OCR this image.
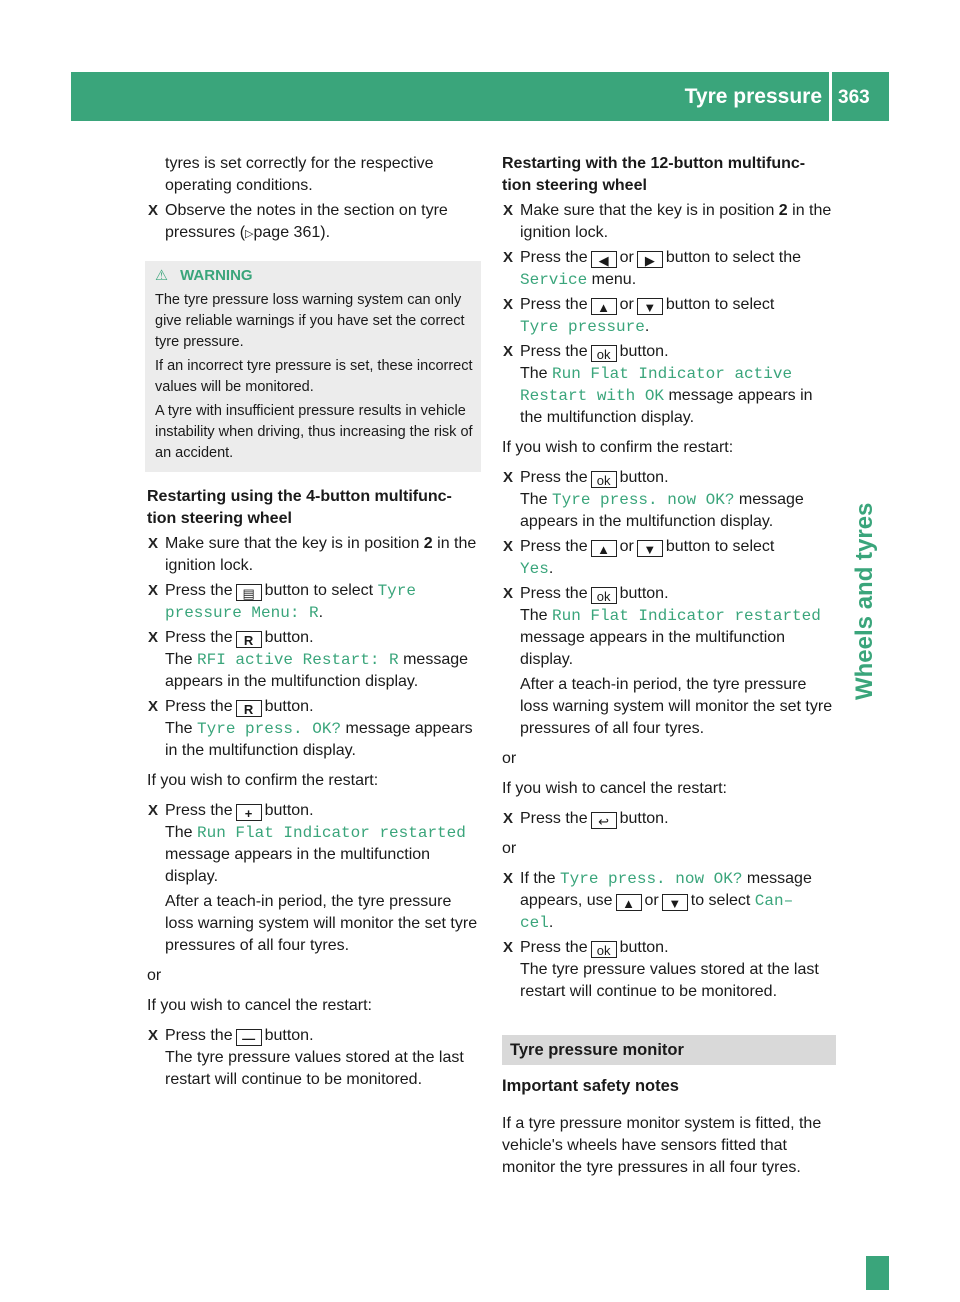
Tyre pressure 363
Wheels and tyres

tyres is set correctly for the respective
operating conditions.

X Observe the notes in the section on tyre
pressures (▷page 361).
⚠ WARNING

The tyre pressure loss warning system can only give reliable warnings if you have set the correct tyre pressure.

If an incorrect tyre pressure is set, these incorrect values will be monitored.

A tyre with insufficient pressure results in vehicle instability when driving, thus increasing the risk of an accident.

Restarting using the 4-button multifunc-
tion steering wheel

X Make sure that the key is in position 2 in the ignition lock.
X Press the ▤ button to select Tyre
pressure Menu: R.
X Press the R button.
The RFI active Restart: R message appears in the multifunction display.
X Press the R button.
The Tyre press. OK? message appears in the multifunction display.

If you wish to confirm the restart:

X Press the + button.
The Run Flat Indicator restarted message appears in the multifunction display.

After a teach-in period, the tyre pressure loss warning system will monitor the set tyre pressures of all four tyres.

or

If you wish to cancel the restart:

X Press the — button.
The tyre pressure values stored at the last restart will continue to be monitored.

Restarting with the 12-button multifunc-
tion steering wheel

X Make sure that the key is in position 2 in the ignition lock.
X Press the ◀ or ▶ button to select the
Service menu.
X Press the ▲ or ▼ button to select
Tyre pressure.
X Press the ok button.
The Run Flat Indicator active
Restart with OK message appears in the multifunction display.

If you wish to confirm the restart:

X Press the ok button.
The Tyre press. now OK? message appears in the multifunction display.
X Press the ▲ or ▼ button to select
Yes.
X Press the ok button.
The Run Flat Indicator restarted
message appears in the multifunction display.

After a teach-in period, the tyre pressure loss warning system will monitor the set tyre pressures of all four tyres.

or

If you wish to cancel the restart:

X Press the ↩ button.

or

X If the Tyre press. now OK? message appears, use ▲ or ▼ to select Can–
cel.
X Press the ok button.
The tyre pressure values stored at the last restart will continue to be monitored.
Tyre pressure monitor

Important safety notes

If a tyre pressure monitor system is fitted, the vehicle's wheels have sensors fitted that monitor the tyre pressures in all four tyres.
